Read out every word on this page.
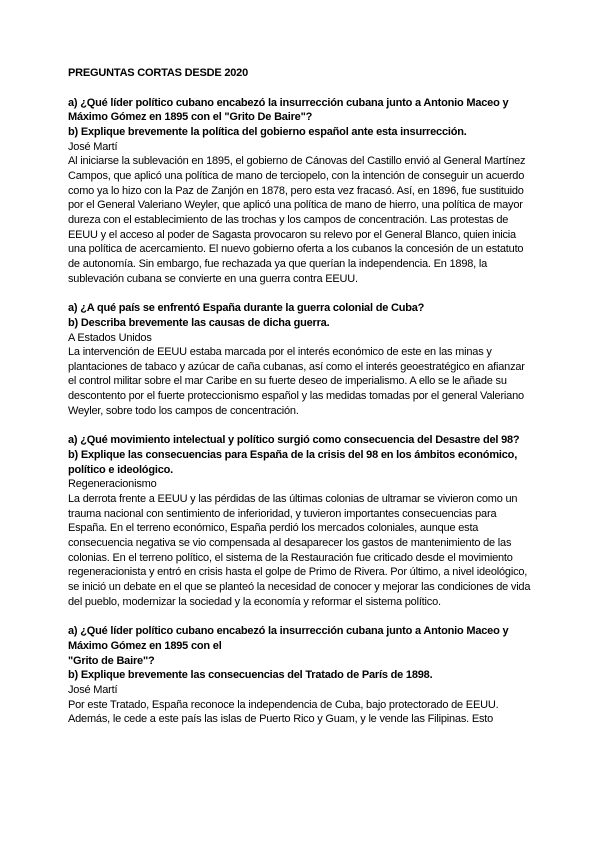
PREGUNTAS CORTAS DESDE 2020
a) ¿Qué líder político cubano encabezó la insurrección cubana junto a Antonio Maceo y Máximo Gómez en 1895 con el "Grito De Baire"?
b) Explique brevemente la política del gobierno español ante esta insurrección.
José Martí
Al iniciarse la sublevación en 1895, el gobierno de Cánovas del Castillo envió al General Martínez Campos, que aplicó una política de mano de terciopelo, con la intención de conseguir un acuerdo como ya lo hizo con la Paz de Zanjón en 1878, pero esta vez fracasó. Así, en 1896, fue sustituido por el General Valeriano Weyler, que aplicó una política de mano de hierro, una política de mayor dureza con el establecimiento de las trochas y los campos de concentración. Las protestas de EEUU y el acceso al poder de Sagasta provocaron su relevo por el General Blanco, quien inicia una política de acercamiento. El nuevo gobierno oferta a los cubanos la concesión de un estatuto de autonomía. Sin embargo, fue rechazada ya que querían la independencia. En 1898, la sublevación cubana se convierte en una guerra contra EEUU.
a) ¿A qué país se enfrentó España durante la guerra colonial de Cuba?
b) Describa brevemente las causas de dicha guerra.
A Estados Unidos
La intervención de EEUU estaba marcada por el interés económico de este en las minas y plantaciones de tabaco y azúcar de caña cubanas, así como el interés geoestratégico en afianzar el control militar sobre el mar Caribe en su fuerte deseo de imperialismo. A ello se le añade su descontento por el fuerte proteccionismo español y las medidas tomadas por el general Valeriano Weyler, sobre todo los campos de concentración.
a) ¿Qué movimiento intelectual y político surgió como consecuencia del Desastre del 98?
b) Explique las consecuencias para España de la crisis del 98 en los ámbitos económico, político e ideológico.
Regeneracionismo
La derrota frente a EEUU y las pérdidas de las últimas colonias de ultramar se vivieron como un trauma nacional con sentimiento de inferioridad, y tuvieron importantes consecuencias para España. En el terreno económico, España perdió los mercados coloniales, aunque esta consecuencia negativa se vio compensada al desaparecer los gastos de mantenimiento de las colonias. En el terreno político, el sistema de la Restauración fue criticado desde el movimiento regeneracionista y entró en crisis hasta el golpe de Primo de Rivera. Por último, a nivel ideológico, se inició un debate en el que se planteó la necesidad de conocer y mejorar las condiciones de vida del pueblo, modernizar la sociedad y la economía y reformar el sistema político.
a) ¿Qué líder político cubano encabezó la insurrección cubana junto a Antonio Maceo y Máximo Gómez en 1895 con el
"Grito de Baire"?
b) Explique brevemente las consecuencias del Tratado de París de 1898.
José Martí
Por este Tratado, España reconoce la independencia de Cuba, bajo protectorado de EEUU. Además, le cede a este país las islas de Puerto Rico y Guam, y le vende las Filipinas. Esto
